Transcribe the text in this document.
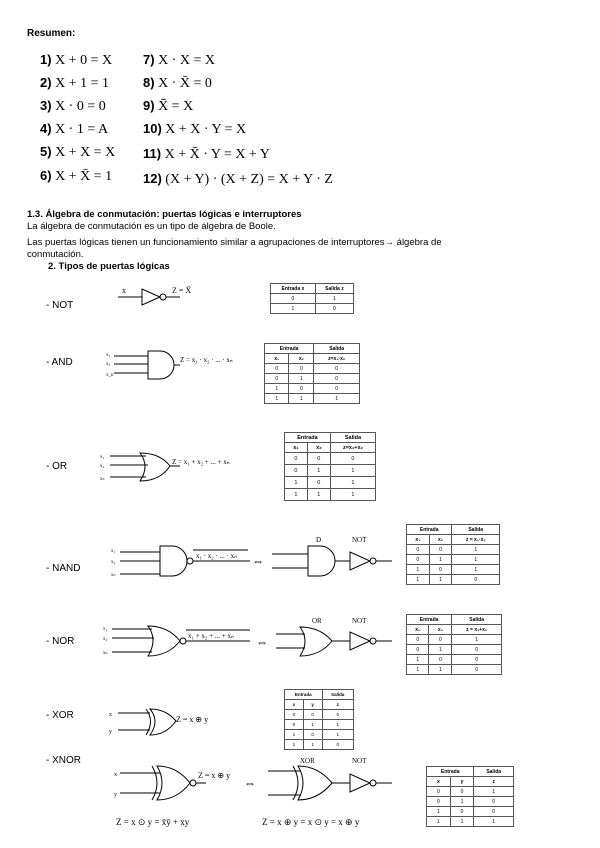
Resumen:
1) X + 0 = X
2) X + 1 = 1
3) X · 0 = 0
4) X · 1 = A
5) X + X = X
6) X + X̄ = 1
7) X · X = X
8) X · X̄ = 0
9) X̄̄ = X
10) X + X · Y = X
11) X + X̄ · Y = X + Y
12) (X + Y) · (X + Z) = X + Y · Z
1.3. Álgebra de conmutación: puertas lógicas e interruptores
La álgebra de conmutación es un tipo de álgebra de Boole.
Las puertas lógicas tienen un funcionamiento similar a agrupaciones de interruptores→ álgebra de
conmutación.
2. Tipos de puertas lógicas
- NOT
- AND
- OR
- NAND
- NOR
- XOR
- XNOR
x	Z = X̄
x₁
x₂
x_n
Z = x₁ · x₂ · ... · xₙ
x₁
x₂
xₙ
Z = x₁ + x₂ + ... + xₙ
x₁
x₂
xₙ
x₁ · x₂ · ... · xₙ ⇔
D	NOT
x₁
x₂
xₙ
x₁ + x₂ + ... + xₙ ⇔
OR	NOT
x
y
Z = x ⊕ y
x
y
Z = x ⊕ y
⇔
XOR	NOT
Z = x ⊙ y = x̄ȳ + xy	Z = x ⊕ y = x ⊙ y = x ⊕ y
Entrada x	Salida z
0	1
1	0
Entrada		Salida
x₁	x₂	z=x₁·x₂
0	0	0
0	1	0
1	0	0
1	1	1
Entrada		Salida
x₁	x₂	z=x₁+x₂
0	0	0
0	1	1
1	0	1
1	1	1
Entrada		Salida
x₁	x₂	z = x₁·x₂
0	0	1
0	1	1
1	0	1
1	1	0
Entrada		Salida
x₁	x₂	z = x₁+x₂
0	0	1
0	1	0
1	0	0
1	1	0
Entrada		Salida
x	y	z
0	0	0
0	1	1
1	0	1
1	1	0
Entrada		Salida
x	y	z
0	0	1
0	1	0
1	0	0
1	1	1
